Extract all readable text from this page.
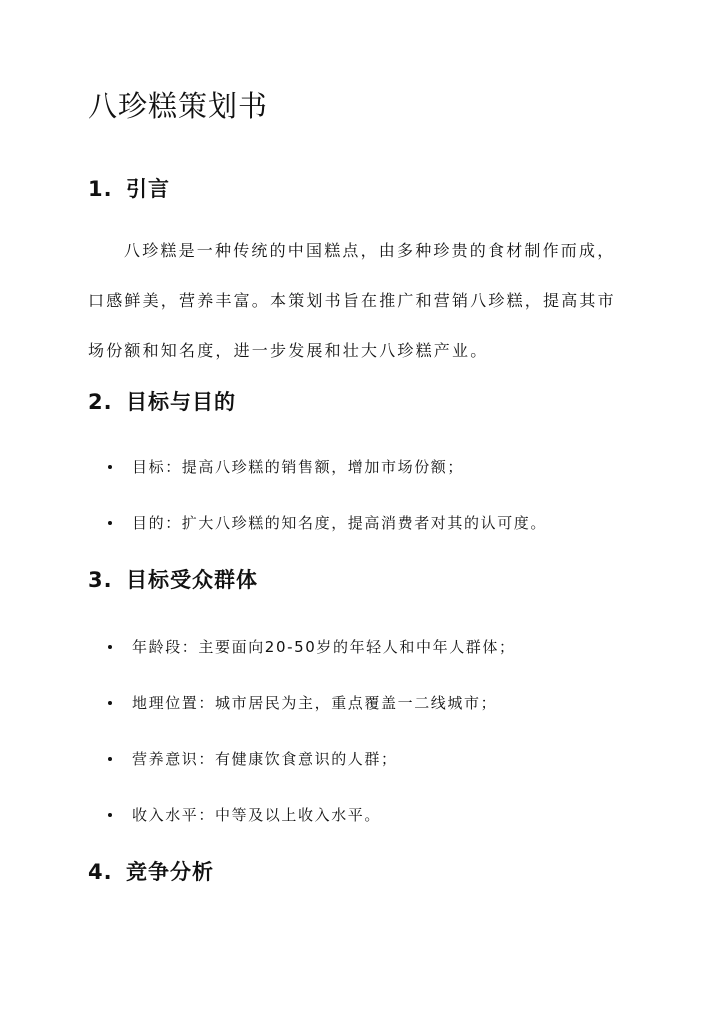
八珍糕策划书
1. 引言
八珍糕是一种传统的中国糕点，由多种珍贵的食材制作而成，
口感鲜美，营养丰富。本策划书旨在推广和营销八珍糕，提高其市
场份额和知名度，进一步发展和壮大八珍糕产业。
2. 目标与目的
目标：提高八珍糕的销售额，增加市场份额；
目的：扩大八珍糕的知名度，提高消费者对其的认可度。
3. 目标受众群体
年龄段：主要面向20-50岁的年轻人和中年人群体；
地理位置：城市居民为主，重点覆盖一二线城市；
营养意识：有健康饮食意识的人群；
收入水平：中等及以上收入水平。
4. 竞争分析
